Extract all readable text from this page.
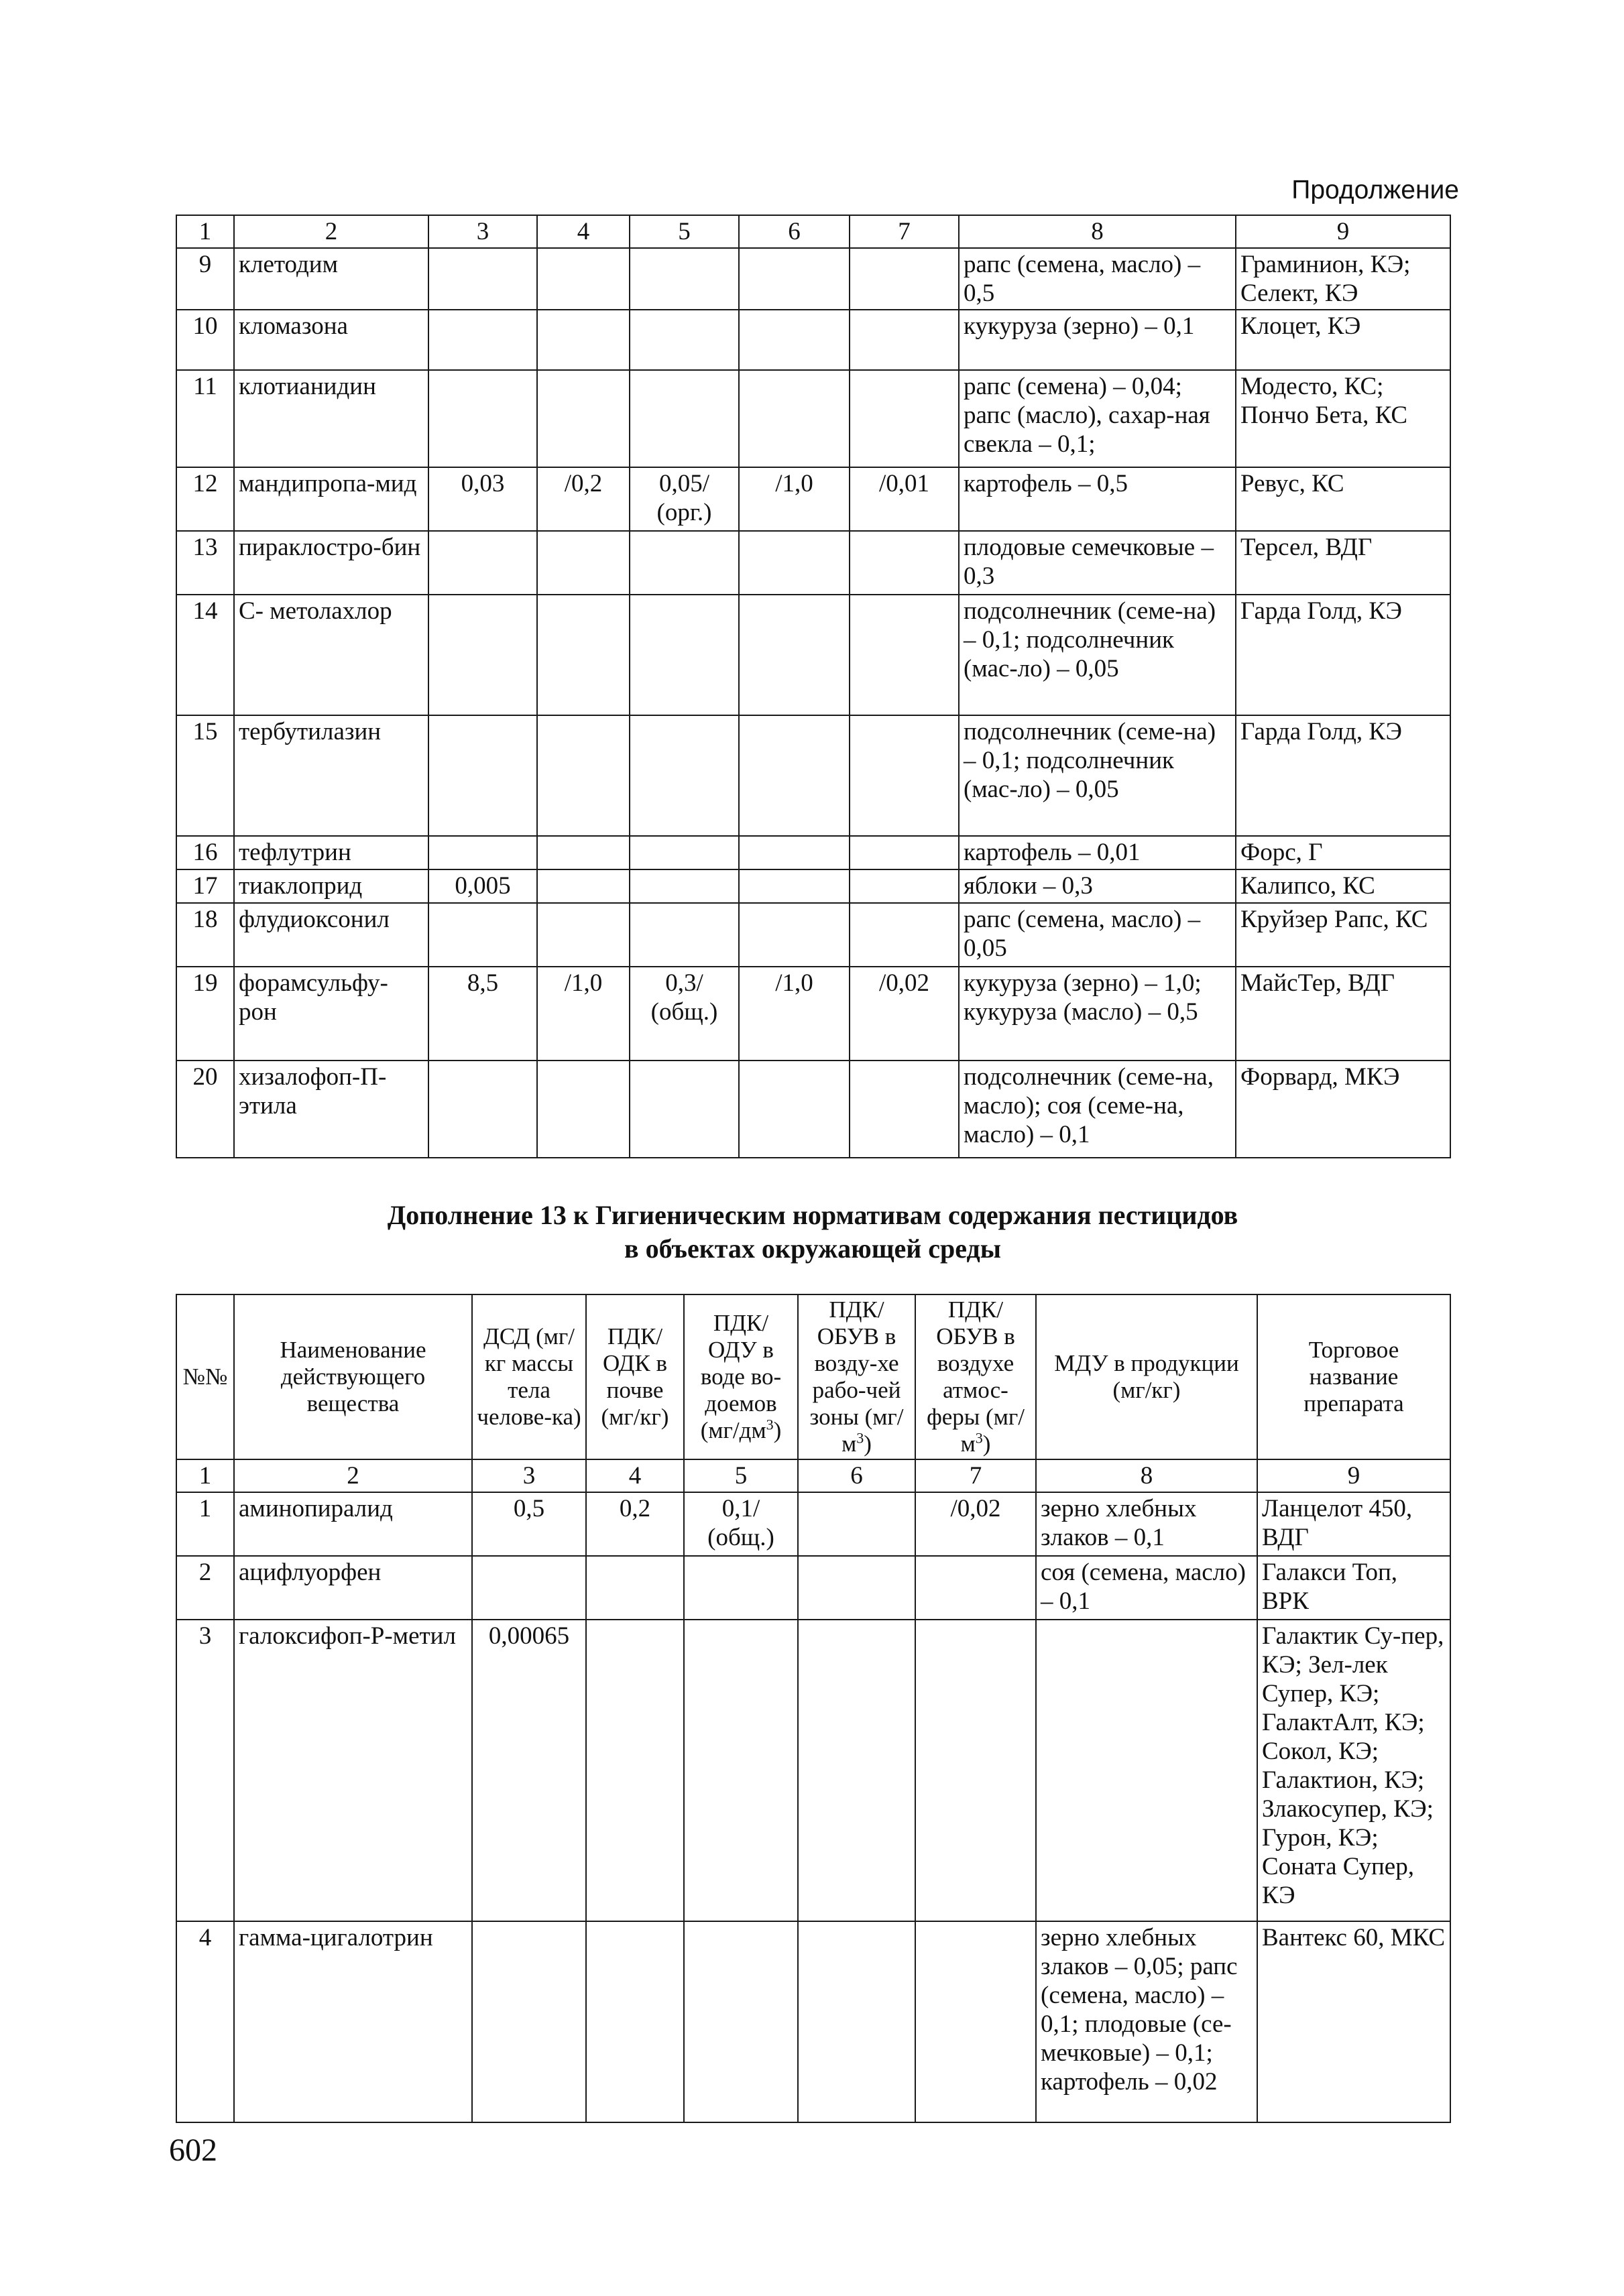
Продолжение
1	2	3	4	5	6	7	8	9
9	клетодим						рапс (семена, масло) – 0,5	Граминион, КЭ; Селект, КЭ
10	кломазона						кукуруза (зерно) – 0,1	Клоцет, КЭ
11	клотианидин						рапс (семена) – 0,04; рапс (масло), сахар-ная свекла – 0,1;	Модесто, КС; Пончо Бета, КС
12	мандипропа-мид	0,03	/0,2	0,05/ (орг.)	/1,0	/0,01	картофель – 0,5	Ревус, КС
13	пираклостро-бин						плодовые семечковые – 0,3	Терсел, ВДГ
14	С- метолахлор						подсолнечник (семе-на) – 0,1; подсолнечник (мас-ло) – 0,05	Гарда Голд, КЭ
15	тербутилазин						подсолнечник (семе-на) – 0,1; подсолнечник (мас-ло) – 0,05	Гарда Голд, КЭ
16	тефлутрин						картофель – 0,01	Форс, Г
17	тиаклоприд	0,005					яблоки – 0,3	Калипсо, КС
18	флудиоксонил						рапс (семена, масло) – 0,05	Круйзер Рапс, КС
19	форамсульфу-рон	8,5	/1,0	0,3/ (общ.)	/1,0	/0,02	кукуруза (зерно) – 1,0; кукуруза (масло) – 0,5	МайсТер, ВДГ
20	хизалофоп-П-этила						подсолнечник (семе-на, масло); соя (семе-на, масло) – 0,1	Форвард, МКЭ
Дополнение 13 к Гигиеническим нормативам содержания пестицидов
в объектах окружающей среды
№№	Наименование действующего вещества	ДСД (мг/кг массы тела челове-ка)	ПДК/ ОДК в почве (мг/кг)	ПДК/ ОДУ в воде во-доемов $(мг/дм^3)$	ПДК/ ОБУВ в возду-хе рабо-чей зоны $(мг/м^3)$	ПДК/ ОБУВ в воздухе атмос-феры $(мг/м^3)$	МДУ в продукции (мг/кг)	Торговое название препарата
1	2	3	4	5	6	7	8	9
1	аминопиралид	0,5	0,2	0,1/ (общ.)		/0,02	зерно хлебных злаков – 0,1	Ланцелот 450, ВДГ
2	ацифлуорфен						соя (семена, масло) – 0,1	Галакси Топ, ВРК
3	галоксифоп-Р-метил	0,00065						Галактик Су-пер, КЭ; Зел-лек Супер, КЭ; ГалактАлт, КЭ; Сокол, КЭ; Галактион, КЭ; Злакосупер, КЭ; Гурон, КЭ; Соната Супер, КЭ
4	гамма-цигалотрин						зерно хлебных злаков – 0,05; рапс (семена, масло) – 0,1; плодовые (се-мечковые) – 0,1; картофель – 0,02	Вантекс 60, МКС
602
